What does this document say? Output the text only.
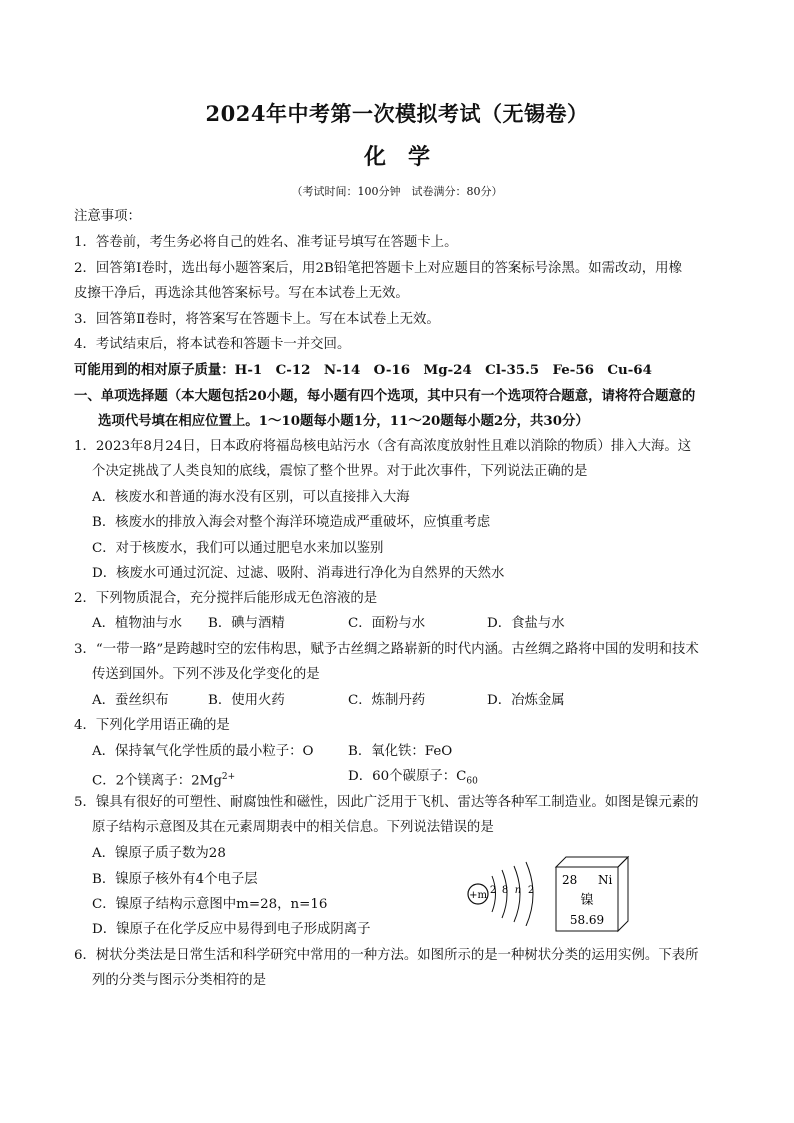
2024年中考第一次模拟考试（无锡卷）
化学
（考试时间：100分钟　试卷满分：80分）
注意事项：
1．答卷前，考生务必将自己的姓名、准考证号填写在答题卡上。
2．回答第Ⅰ卷时，选出每小题答案后，用2B铅笔把答题卡上对应题目的答案标号涂黑。如需改动，用橡
皮擦干净后，再选涂其他答案标号。写在本试卷上无效。
3．回答第Ⅱ卷时，将答案写在答题卡上。写在本试卷上无效。
4．考试结束后，将本试卷和答题卡一并交回。
可能用到的相对原子质量：H-1　C-12　N-14　O-16　Mg-24　Cl-35.5　Fe-56　Cu-64
一、单项选择题（本大题包括20小题，每小题有四个选项，其中只有一个选项符合题意，请将符合题意的
选项代号填在相应位置上。1～10题每小题1分，11～20题每小题2分，共30分）
1．2023年8月24日，日本政府将福岛核电站污水（含有高浓度放射性且难以消除的物质）排入大海。这
个决定挑战了人类良知的底线，震惊了整个世界。对于此次事件，下列说法正确的是
A．核废水和普通的海水没有区别，可以直接排入大海
B．核废水的排放入海会对整个海洋环境造成严重破坏，应慎重考虑
C．对于核废水，我们可以通过肥皂水来加以鉴别
D．核废水可通过沉淀、过滤、吸附、消毒进行净化为自然界的天然水
2．下列物质混合，充分搅拌后能形成无色溶液的是
A．植物油与水 B．碘与酒精	C．面粉与水	D．食盐与水
3．“一带一路”是跨越时空的宏伟构思，赋予古丝绸之路崭新的时代内涵。古丝绸之路将中国的发明和技术
传送到国外。下列不涉及化学变化的是
A．蚕丝织布	B．使用火药	C．炼制丹药	D．冶炼金属
4．下列化学用语正确的是
A．保持氧气化学性质的最小粒子：O	B．氧化铁：FeO
C．2个镁离子：$2Mg^{2+}$	D．60个碳原子：$C_{60}$
5．镍具有很好的可塑性、耐腐蚀性和磁性，因此广泛用于飞机、雷达等各种军工制造业。如图是镍元素的
原子结构示意图及其在元素周期表中的相关信息。下列说法错误的是
A．镍原子质子数为28
B．镍原子核外有4个电子层
C．镍原子结构示意图中m=28，n=16
D．镍原子在化学反应中易得到电子形成阴离子
+m 2 8 n 2
28 Ni
镍
58.69
6．树状分类法是日常生活和科学研究中常用的一种方法。如图所示的是一种树状分类的运用实例。下表所
列的分类与图示分类相符的是
